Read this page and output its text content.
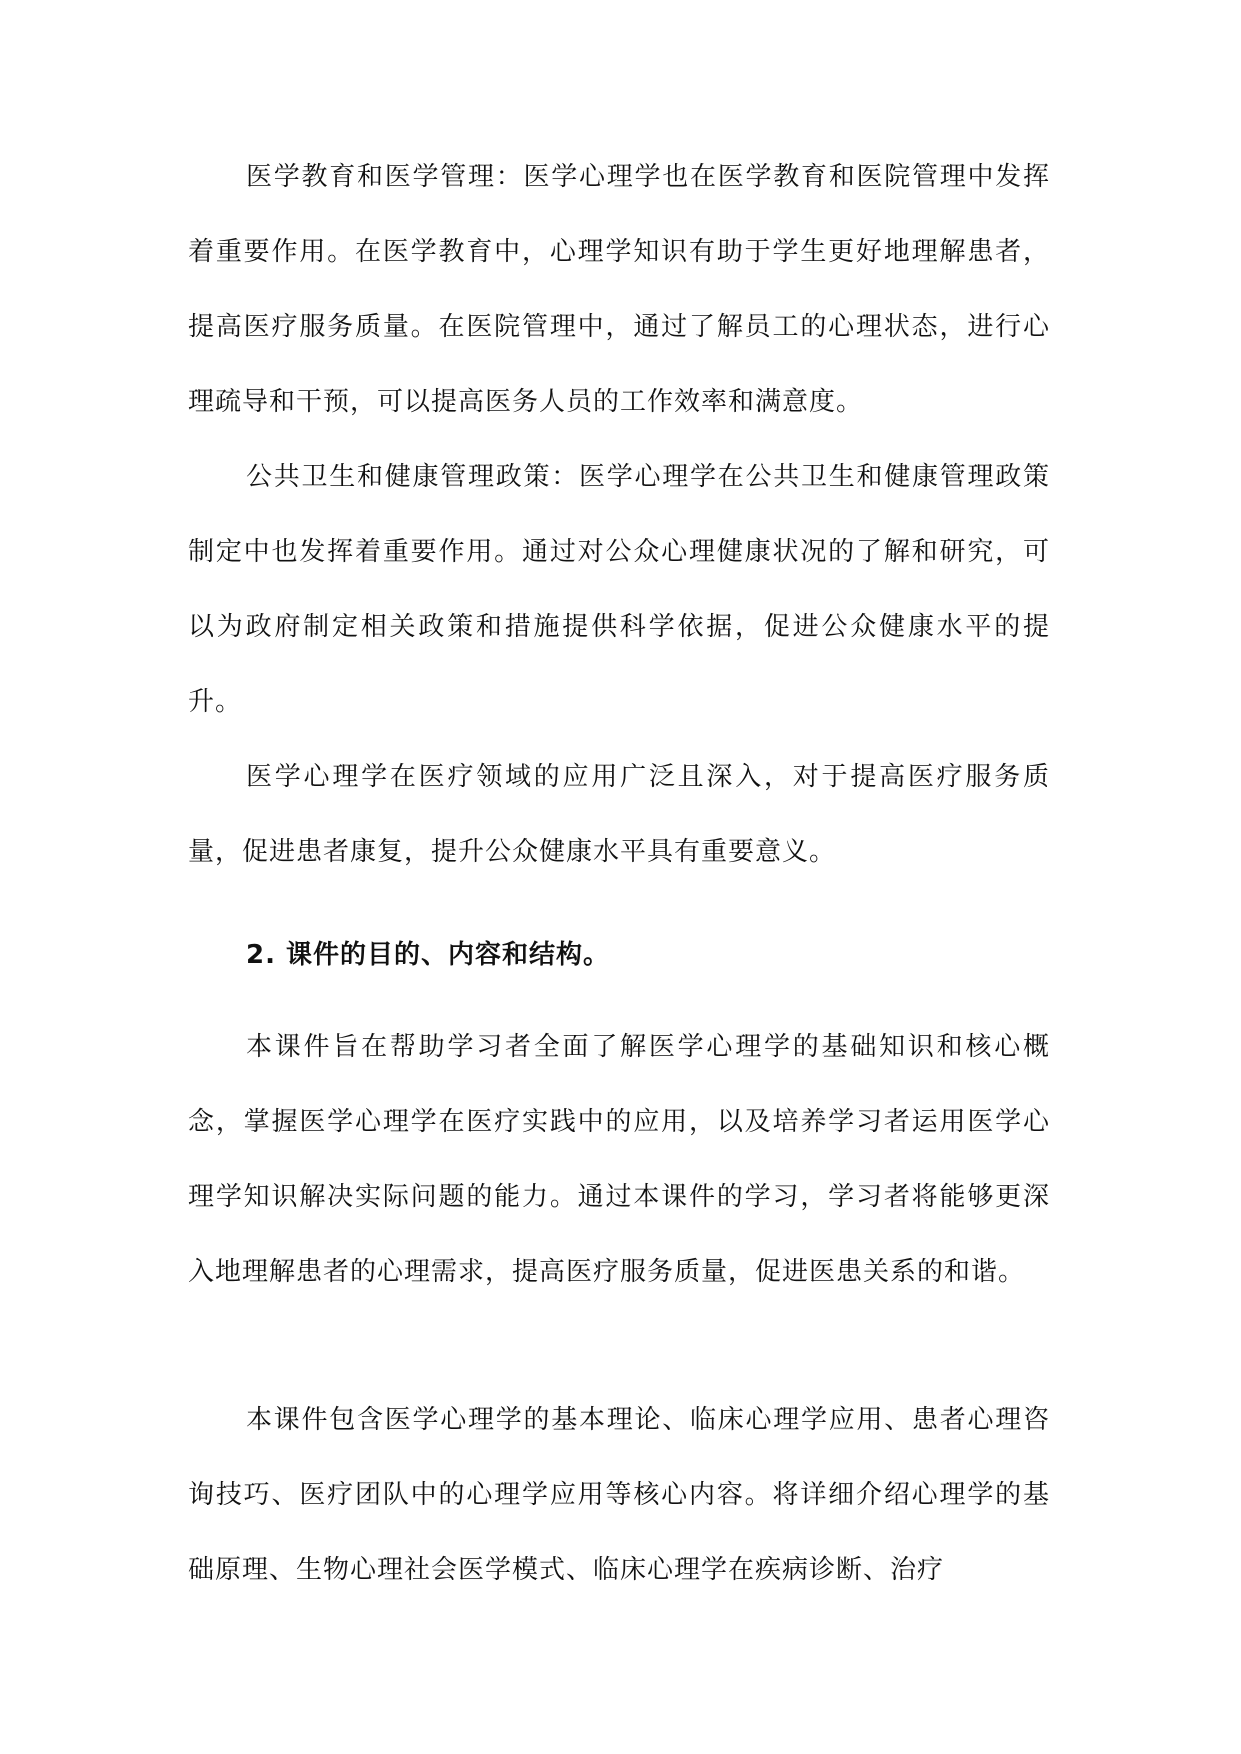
医学教育和医学管理：医学心理学也在医学教育和医院管理中发挥着重要作用。在医学教育中，心理学知识有助于学生更好地理解患者，提高医疗服务质量。在医院管理中，通过了解员工的心理状态，进行心理疏导和干预，可以提高医务人员的工作效率和满意度。

公共卫生和健康管理政策：医学心理学在公共卫生和健康管理政策制定中也发挥着重要作用。通过对公众心理健康状况的了解和研究，可以为政府制定相关政策和措施提供科学依据，促进公众健康水平的提升。

医学心理学在医疗领域的应用广泛且深入，对于提高医疗服务质量，促进患者康复，提升公众健康水平具有重要意义。

2. 课件的目的、内容和结构。

本课件旨在帮助学习者全面了解医学心理学的基础知识和核心概念，掌握医学心理学在医疗实践中的应用，以及培养学习者运用医学心理学知识解决实际问题的能力。通过本课件的学习，学习者将能够更深入地理解患者的心理需求，提高医疗服务质量，促进医患关系的和谐。

本课件包含医学心理学的基本理论、临床心理学应用、患者心理咨询技巧、医疗团队中的心理学应用等核心内容。将详细介绍心理学的基础原理、生物心理社会医学模式、临床心理学在疾病诊断、治疗
